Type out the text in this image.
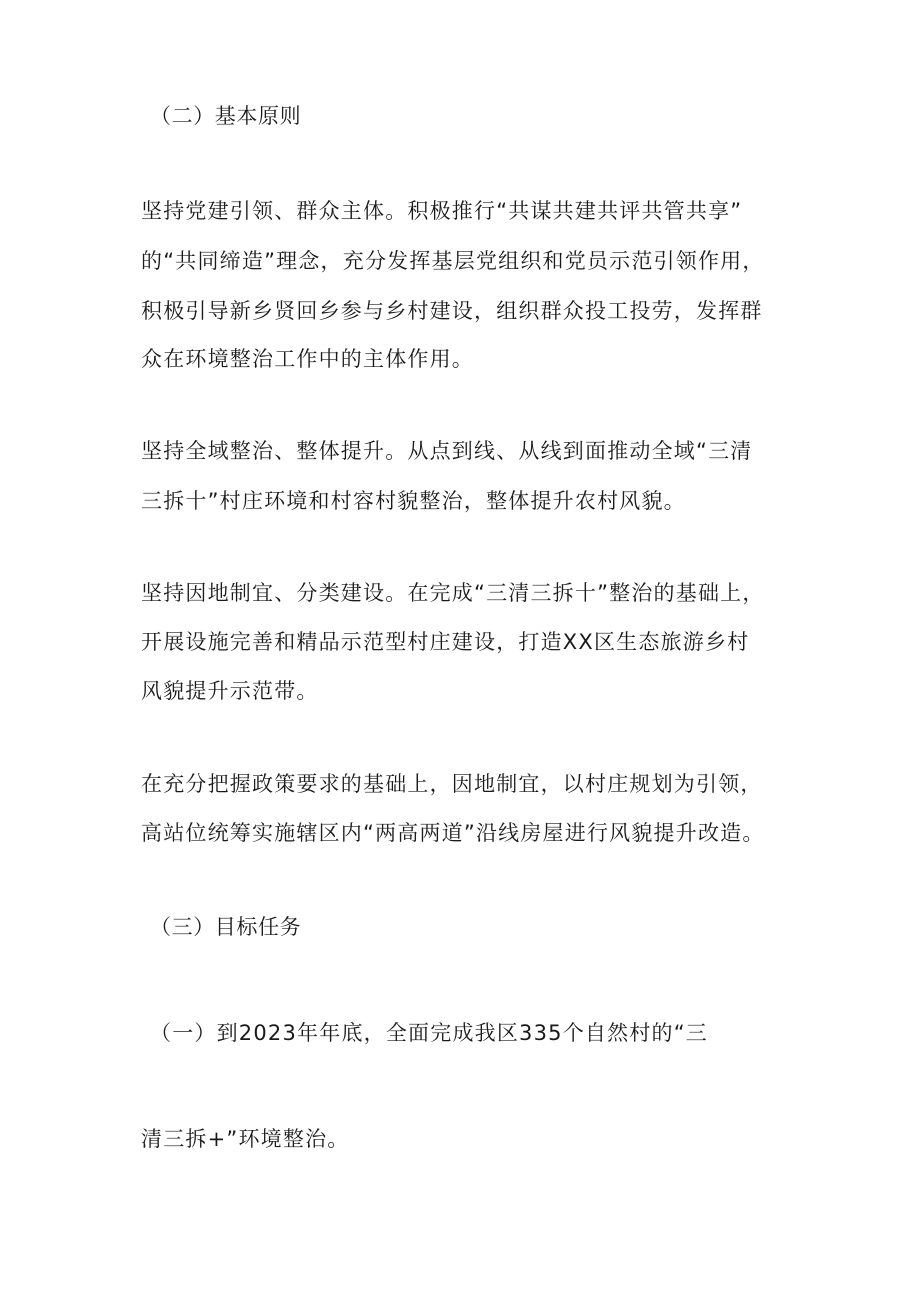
（二）基本原则
坚持党建引领、群众主体。积极推行“共谋共建共评共管共享”
的“共同缔造”理念，充分发挥基层党组织和党员示范引领作用，
积极引导新乡贤回乡参与乡村建设，组织群众投工投劳，发挥群
众在环境整治工作中的主体作用。
坚持全域整治、整体提升。从点到线、从线到面推动全域“三清
三拆十”村庄环境和村容村貌整治，整体提升农村风貌。
坚持因地制宜、分类建设。在完成“三清三拆十”整治的基础上，
开展设施完善和精品示范型村庄建设，打造XX区生态旅游乡村
风貌提升示范带。
在充分把握政策要求的基础上，因地制宜，以村庄规划为引领，
高站位统筹实施辖区内“两高两道”沿线房屋进行风貌提升改造。
（三）目标任务
（一）到2023年年底，全面完成我区335个自然村的“三
清三拆+”环境整治。
